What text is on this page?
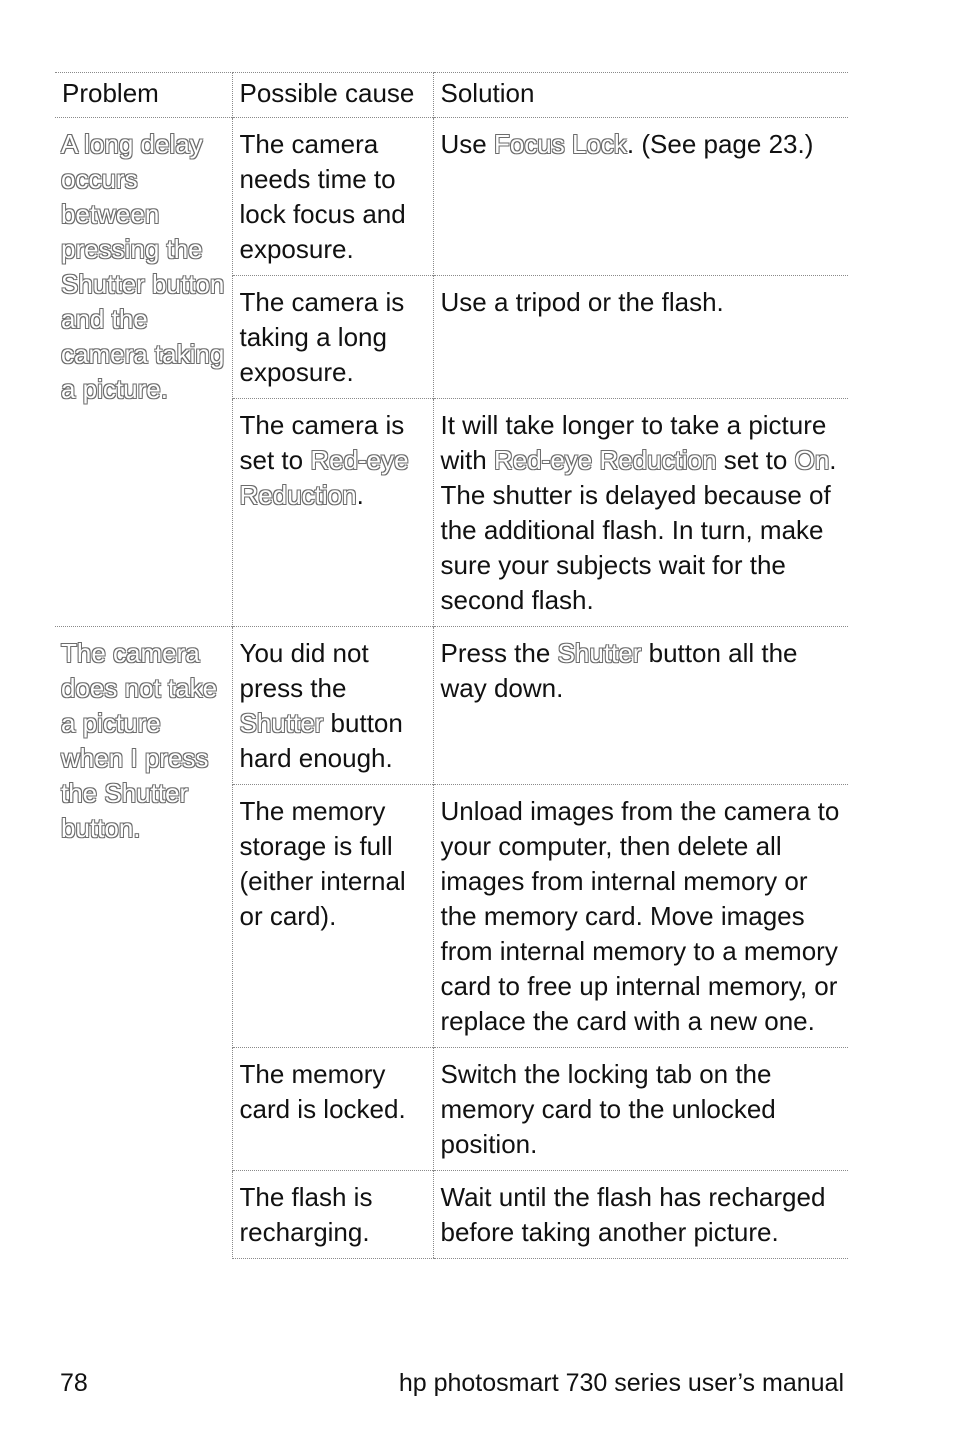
Problem	Possible cause	Solution

A long delay occurs between pressing the Shutter button and the camera taking a picture.	The camera needs time to lock focus and exposure.	Use Focus Lock. (See page 23.)
	The camera is taking a long exposure.	Use a tripod or the flash.
	The camera is set to Red-eye Reduction.	It will take longer to take a picture with Red-eye Reduction set to On. The shutter is delayed because of the additional flash. In turn, make sure your subjects wait for the second flash.

The camera does not take a picture when I press the Shutter button.	You did not press the Shutter button hard enough.	Press the Shutter button all the way down.
	The memory storage is full (either internal or card).	Unload images from the camera to your computer, then delete all images from internal memory or the memory card. Move images from internal memory to a memory card to free up internal memory, or replace the card with a new one.
	The memory card is locked.	Switch the locking tab on the memory card to the unlocked position.
	The flash is recharging.	Wait until the flash has recharged before taking another picture.
78	hp photosmart 730 series user’s manual
